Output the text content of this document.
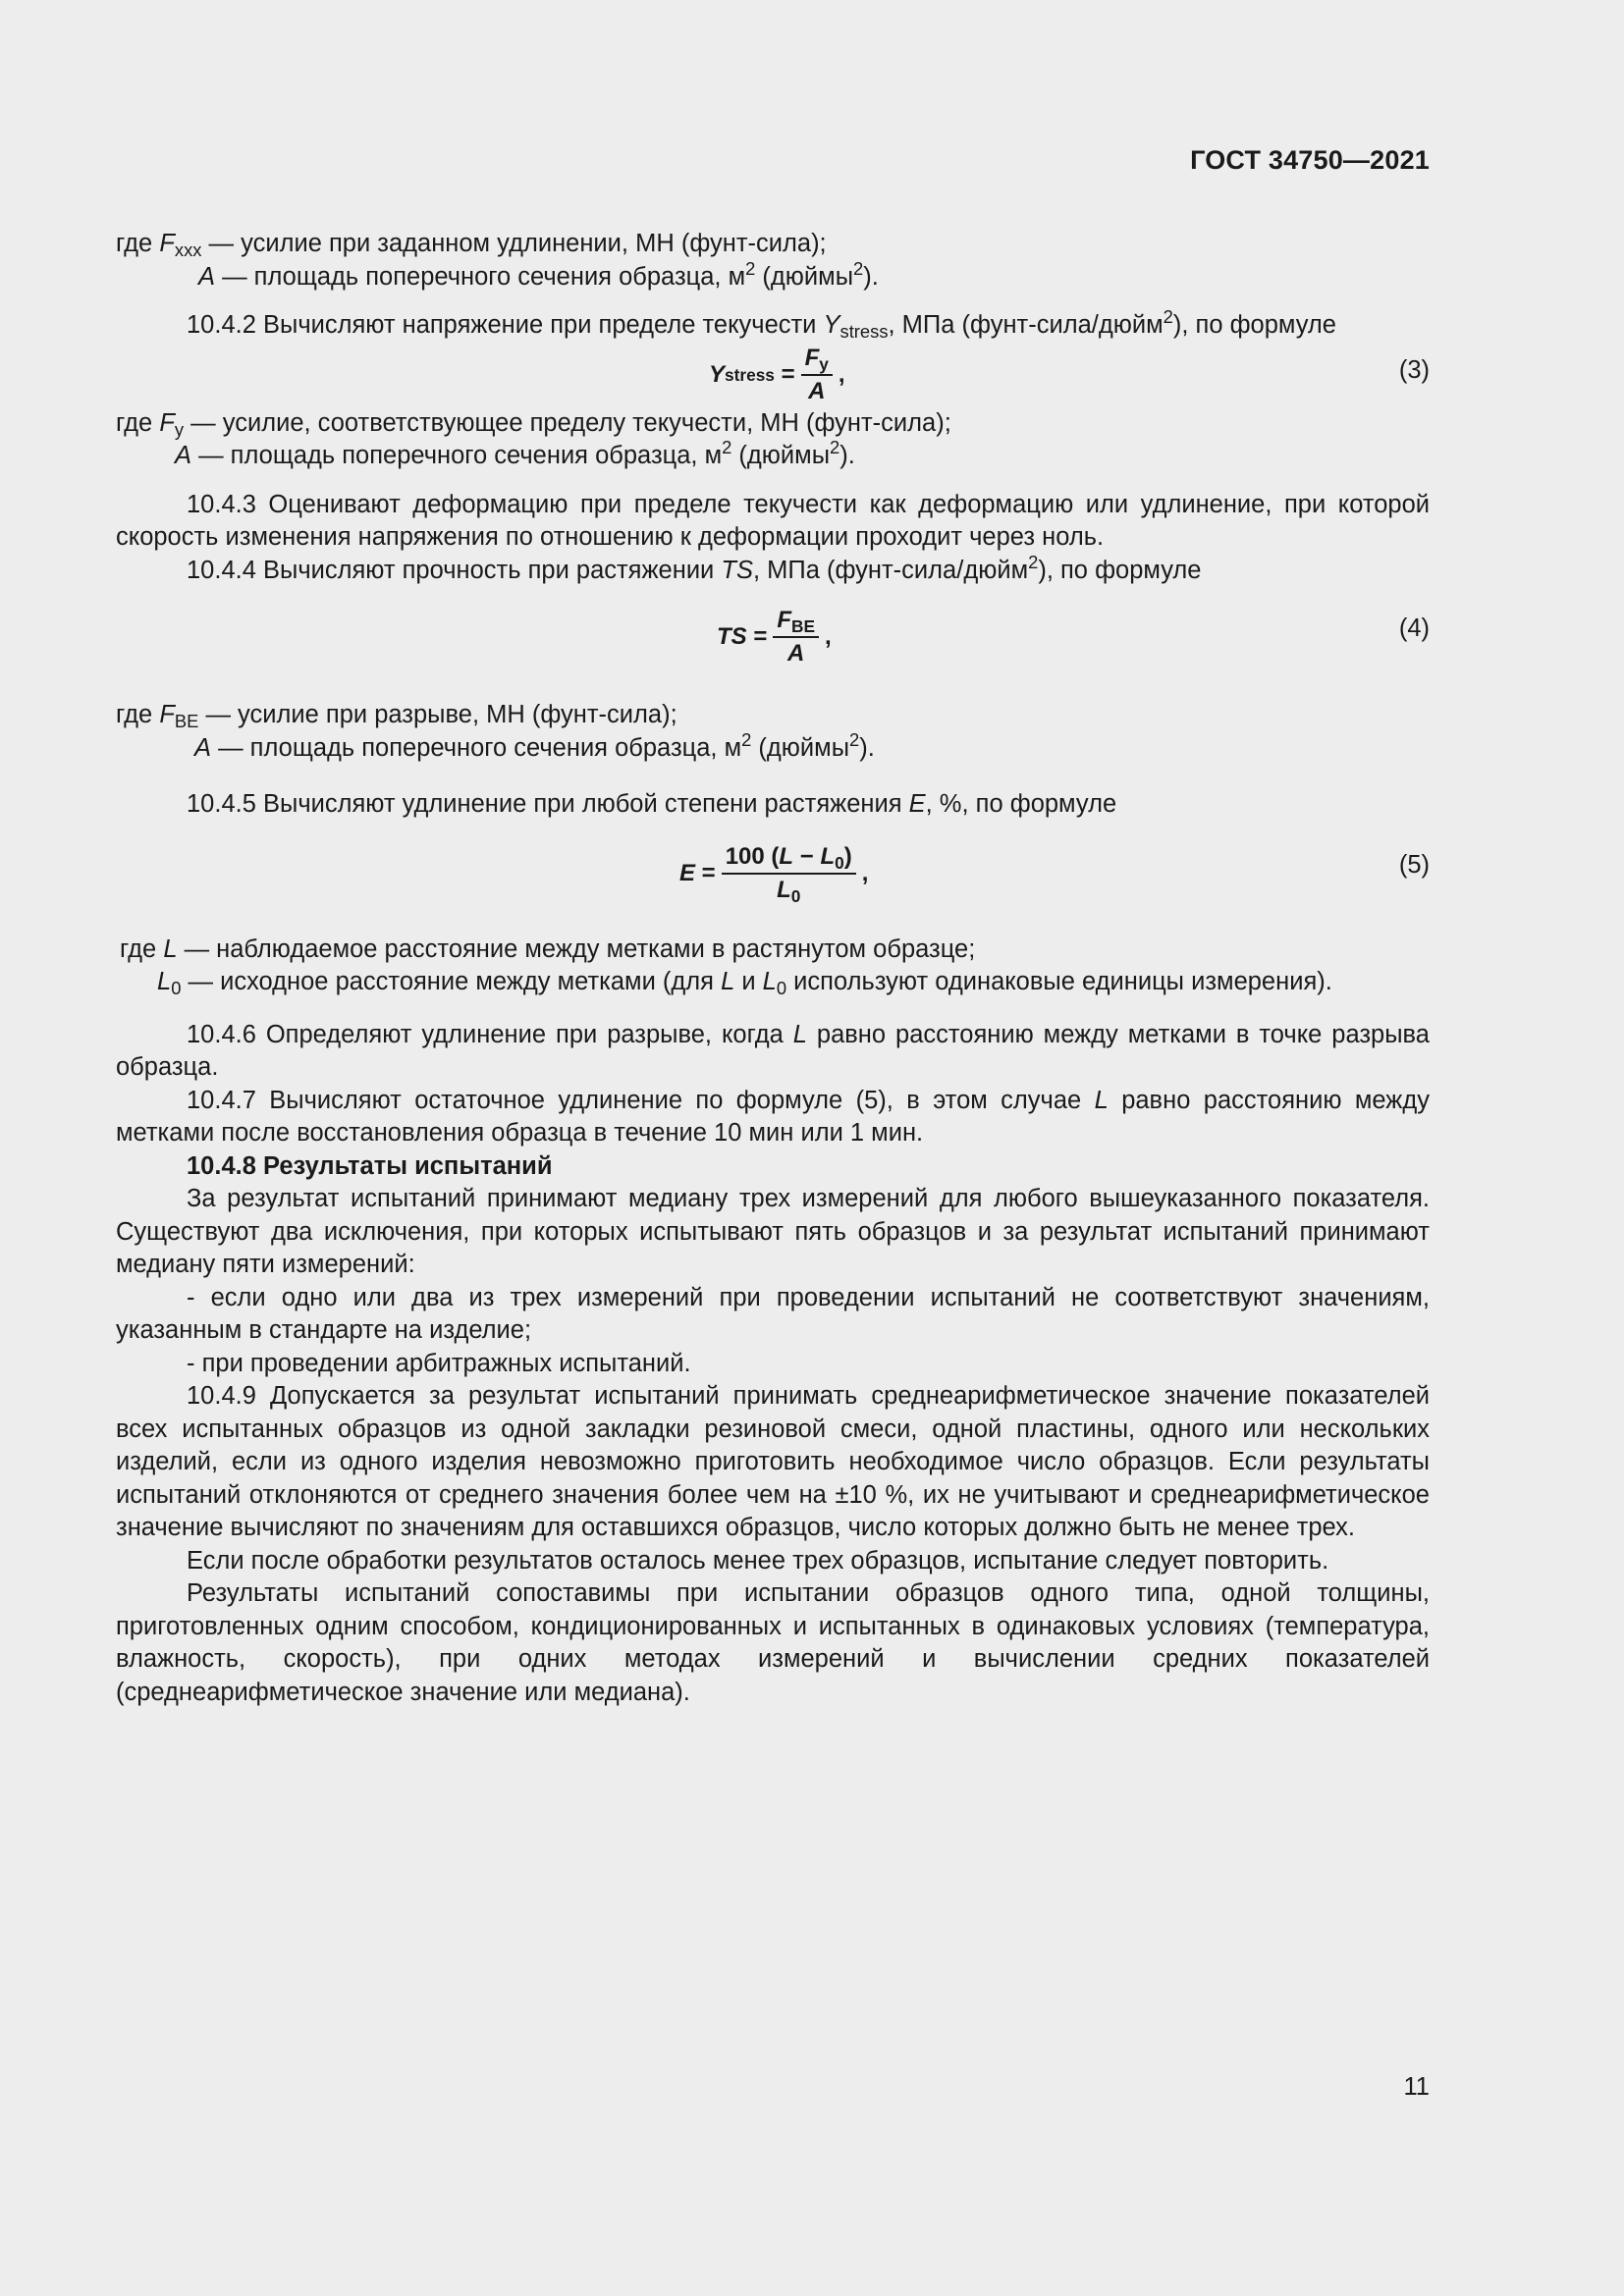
ГОСТ 34750—2021
где $F_{xxx}$ — усилие при заданном удлинении, МН (фунт-сила);
A — площадь поперечного сечения образца, $м^2$ (дюймы$^2$).

10.4.2 Вычисляют напряжение при пределе текучести $Y_{stress}$, МПа (фунт-сила/дюйм$^2$), по формуле

Y stress = $\frac{F_y}{A}$ ,	(3)
где $F_y$ — усилие, соответствующее пределу текучести, МН (фунт-сила);
A — площадь поперечного сечения образца, $м^2$ (дюймы$^2$).

10.4.3 Оценивают деформацию при пределе текучести как деформацию или удлинение, при которой скорость изменения напряжения по отношению к деформации проходит через ноль.

10.4.4 Вычисляют прочность при растяжении TS, МПа (фунт-сила/дюйм$^2$), по формуле

TS = $\frac{F_{BE}}{A}$ ,	(4)
где $F_{BE}$ — усилие при разрыве, МН (фунт-сила);
A — площадь поперечного сечения образца, $м^2$ (дюймы$^2$).

10.4.5 Вычисляют удлинение при любой степени растяжения E, %, по формуле

$E = \frac{100 (L - L_0)}{L_0}$ ,	(5)
где L — наблюдаемое расстояние между метками в растянутом образце;
$L_0$ — исходное расстояние между метками (для L и $L_0$ используют одинаковые единицы измерения).

10.4.6 Определяют удлинение при разрыве, когда L равно расстоянию между метками в точке разрыва образца.

10.4.7 Вычисляют остаточное удлинение по формуле (5), в этом случае L равно расстоянию между метками после восстановления образца в течение 10 мин или 1 мин.

10.4.8 Результаты испытаний

За результат испытаний принимают медиану трех измерений для любого вышеуказанного показателя. Существуют два исключения, при которых испытывают пять образцов и за результат испытаний принимают медиану пяти измерений:

- если одно или два из трех измерений при проведении испытаний не соответствуют значениям, указанным в стандарте на изделие;

- при проведении арбитражных испытаний.

10.4.9 Допускается за результат испытаний принимать среднеарифметическое значение показателей всех испытанных образцов из одной закладки резиновой смеси, одной пластины, одного или нескольких изделий, если из одного изделия невозможно приготовить необходимое число образцов. Если результаты испытаний отклоняются от среднего значения более чем на ±10 %, их не учитывают и среднеарифметическое значение вычисляют по значениям для оставшихся образцов, число которых должно быть не менее трех.

Если после обработки результатов осталось менее трех образцов, испытание следует повторить.

Результаты испытаний сопоставимы при испытании образцов одного типа, одной толщины, приготовленных одним способом, кондиционированных и испытанных в одинаковых условиях (температура, влажность, скорость), при одних методах измерений и вычислении средних показателей (среднеарифметическое значение или медиана).

11
